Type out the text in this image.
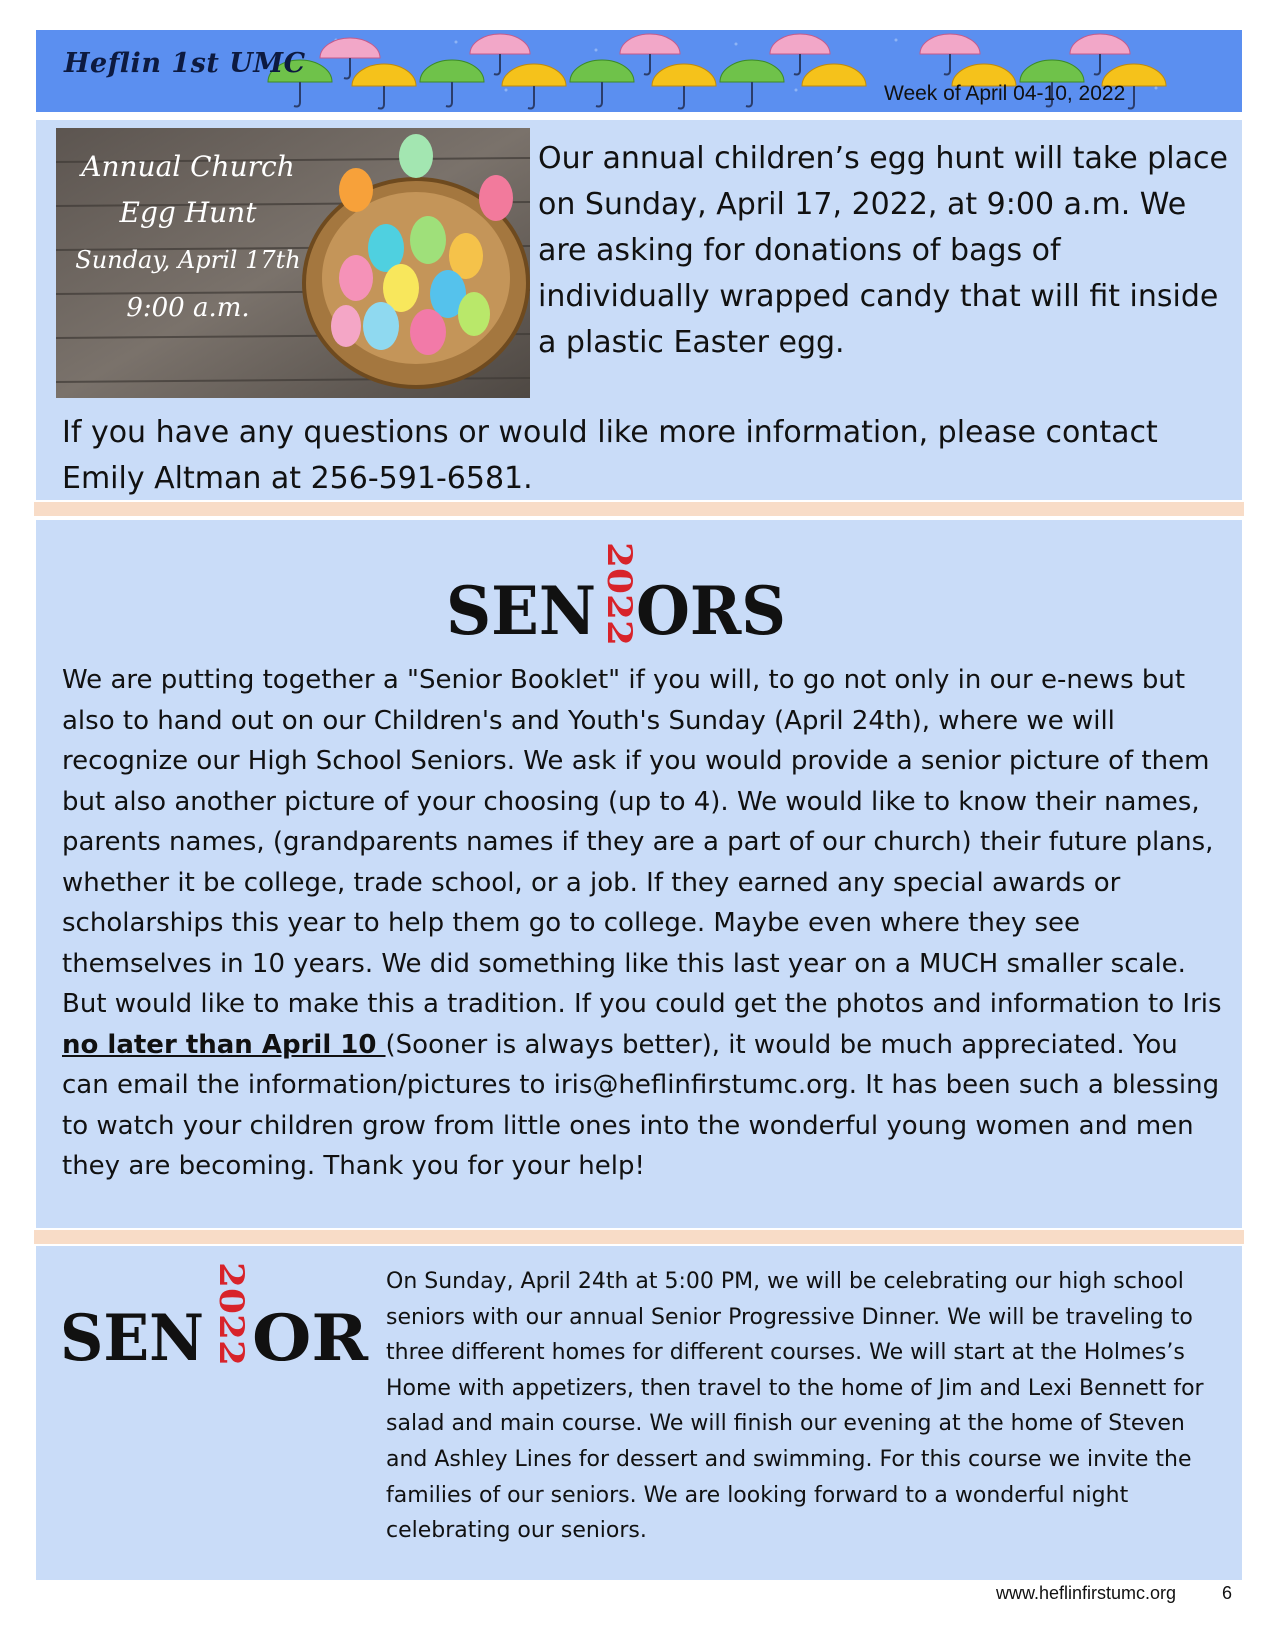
Heflin 1st UMC
Week of April 04-10, 2022
Annual Church
Egg Hunt
Sunday, April 17th
9:00 a.m.

Our annual children’s egg hunt will take place on Sunday, April 17, 2022, at 9:00 a.m. We are asking for donations of bags of individually wrapped candy that will fit inside a plastic Easter egg.

If you have any questions or would like more information, please contact Emily Altman at 256-591-6581.

SEN ORS
2022

We are putting together a "Senior Booklet" if you will, to go not only in our e-news but also to hand out on our Children's and Youth's Sunday (April 24th), where we will recognize our High School Seniors. We ask if you would provide a senior picture of them but also another picture of your choosing (up to 4). We would like to know their names, parents names, (grandparents names if they are a part of our church) their future plans, whether it be college, trade school, or a job. If they earned any special awards or scholarships this year to help them go to college. Maybe even where they see themselves in 10 years. We did something like this last year on a MUCH smaller scale. But would like to make this a tradition. If you could get the photos and information to Iris no later than April 10 (Sooner is always better), it would be much appreciated. You can email the information/pictures to iris@heflinfirstumc.org. It has been such a blessing to watch your children grow from little ones into the wonderful young women and men they are becoming. Thank you for your help!

SEN OR
2022	On Sunday, April 24th at 5:00 PM, we will be celebrating our high school seniors with our annual Senior Progressive Dinner. We will be traveling to three different homes for different courses. We will start at the Holmes’s Home with appetizers, then travel to the home of Jim and Lexi Bennett for salad and main course. We will finish our evening at the home of Steven and Ashley Lines for dessert and swimming. For this course we invite the families of our seniors. We are looking forward to a wonderful night celebrating our seniors.

www.heflinfirstumc.org	6
